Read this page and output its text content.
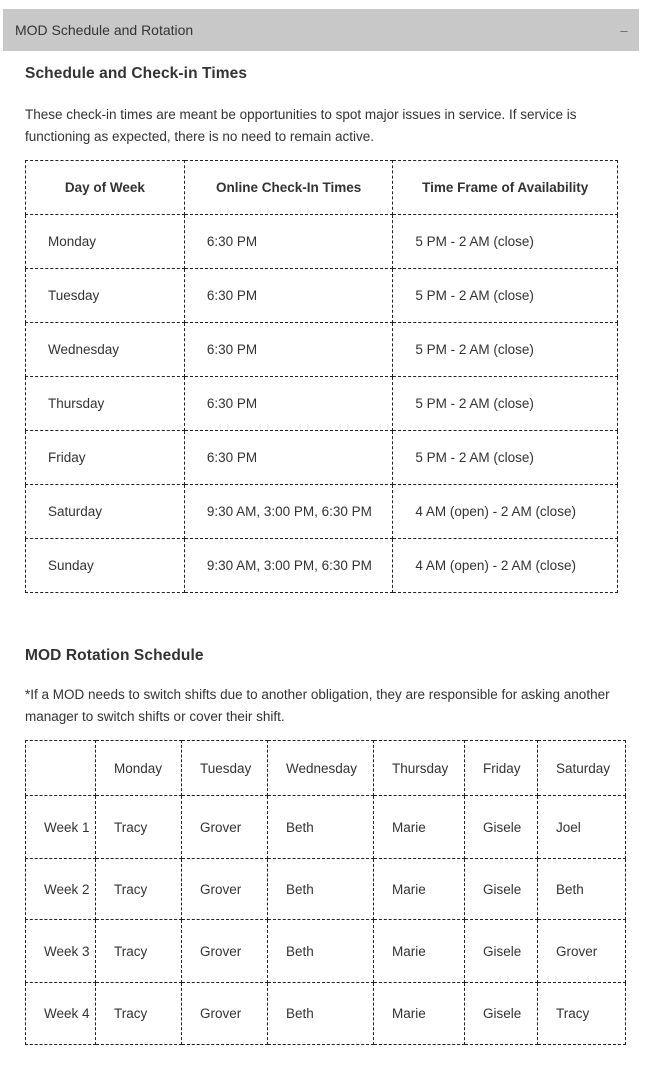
MOD Schedule and Rotation	–
Schedule and Check-in Times

These check-in times are meant be opportunities to spot major issues in service. If service is functioning as expected, there is no need to remain active.

Day of Week	Online Check-In Times	Time Frame of Availability
Monday	6:30 PM	5 PM - 2 AM (close)
Tuesday	6:30 PM	5 PM - 2 AM (close)
Wednesday	6:30 PM	5 PM - 2 AM (close)
Thursday	6:30 PM	5 PM - 2 AM (close)
Friday	6:30 PM	5 PM - 2 AM (close)
Saturday	9:30 AM, 3:00 PM, 6:30 PM	4 AM (open) - 2 AM (close)
Sunday	9:30 AM, 3:00 PM, 6:30 PM	4 AM (open) - 2 AM (close)
MOD Rotation Schedule

*If a MOD needs to switch shifts due to another obligation, they are responsible for asking another manager to switch shifts or cover their shift.

	Monday	Tuesday	Wednesday	Thursday	Friday	Saturday
Week 1	Tracy	Grover	Beth	Marie	Gisele	Joel
Week 2	Tracy	Grover	Beth	Marie	Gisele	Beth
Week 3	Tracy	Grover	Beth	Marie	Gisele	Grover
Week 4	Tracy	Grover	Beth	Marie	Gisele	Tracy
